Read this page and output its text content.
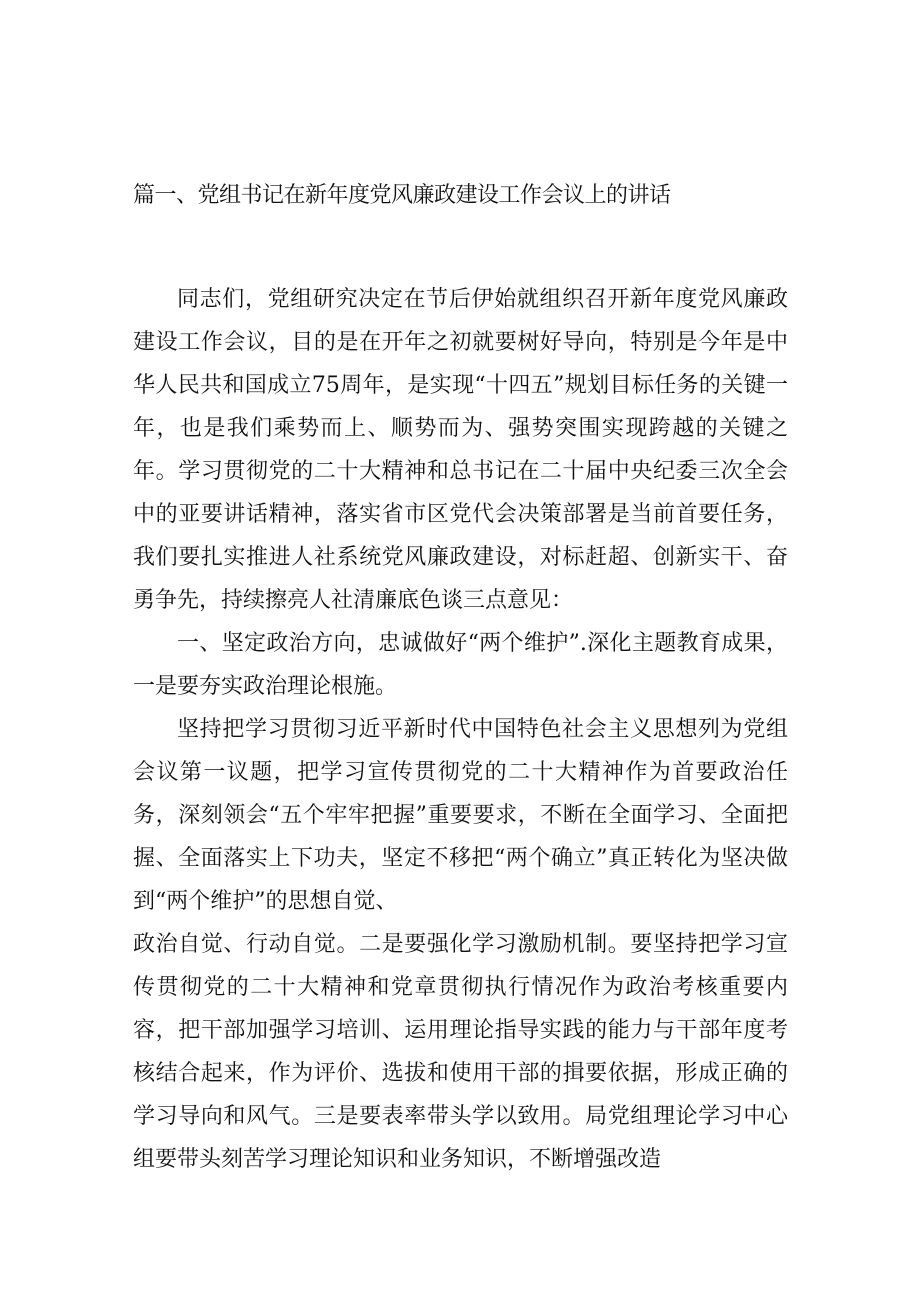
篇一、党组书记在新年度党风廉政建设工作会议上的讲话

同志们，党组研究决定在节后伊始就组织召开新年度党风廉政建设工作会议，目的是在开年之初就要树好导向，特别是今年是中华人民共和国成立75周年，是实现“十四五”规划目标任务的关键一年，也是我们乘势而上、顺势而为、强势突围实现跨越的关键之年。学习贯彻党的二十大精神和总书记在二十届中央纪委三次全会中的亚要讲话精神，落实省市区党代会决策部署是当前首要任务，我们要扎实推进人社系统党风廉政建设，对标赶超、创新实干、奋勇争先，持续擦亮人社清廉底色谈三点意见：

一、坚定政治方向，忠诚做好“两个维护”.深化主题教育成果，一是要夯实政治理论根施。

坚持把学习贯彻习近平新时代中国特色社会主义思想列为党组会议第一议题，把学习宣传贯彻党的二十大精神作为首要政治任务，深刻领会“五个牢牢把握”重要要求，不断在全面学习、全面把握、全面落实上下功夫，坚定不移把“两个确立”真正转化为坚决做到“两个维护”的思想自觉、

政治自觉、行动自觉。二是要强化学习激励机制。要坚持把学习宣传贯彻党的二十大精神和党章贯彻执行情况作为政治考核重要内容，把干部加强学习培训、运用理论指导实践的能力与干部年度考核结合起来，作为评价、选拔和使用干部的揖要依据，形成正确的学习导向和风气。三是要表率带头学以致用。局党组理论学习中心组要带头刻苦学习理论知识和业务知识，不断增强改造
